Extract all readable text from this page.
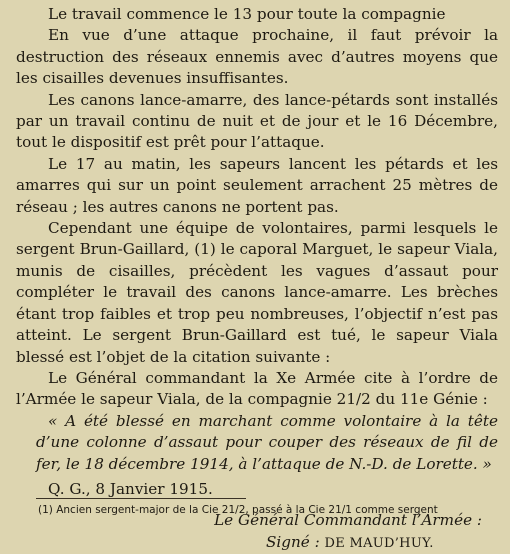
Le travail commence le 13 pour toute la compagnie

En vue d’une attaque prochaine, il faut prévoir la destruction des réseaux ennemis avec d’autres moyens que les cisailles devenues insuffisantes.

Les canons lance-amarre, des lance-pétards sont installés par un travail continu de nuit et de jour et le 16 Décembre, tout le dispositif est prêt pour l’attaque.

Le 17 au matin, les sapeurs lancent les pétards et les amarres qui sur un point seulement arrachent 25 mètres de réseau ; les autres canons ne portent pas.

Cependant une équipe de volontaires, parmi lesquels le sergent Brun-Gaillard, (1) le caporal Marguet, le sapeur Viala, munis de cisailles, précèdent les vagues d’assaut pour compléter le travail des canons lance-amarre. Les brèches étant trop faibles et trop peu nombreuses, l’objectif n’est pas atteint. Le sergent Brun-Gaillard est tué, le sapeur Viala blessé est l’objet de la citation suivante :

Le Général commandant la Xe Armée cite à l’ordre de l’Armée le sapeur Viala, de la compagnie 21/2 du 11e Génie :

« A été blessé en marchant comme volontaire à la tête d’une colonne d’assaut pour couper des réseaux de fil de fer, le 18 décembre 1914, à l’attaque de N.-D. de Lorette. »

Q. G., 8 Janvier 1915.

Le Général Commandant l’Armée :

Signé : DE MAUD’HUY.

(1) Ancien sergent-major de la Cie 21/2, passé à la Cie 21/1 comme sergent
